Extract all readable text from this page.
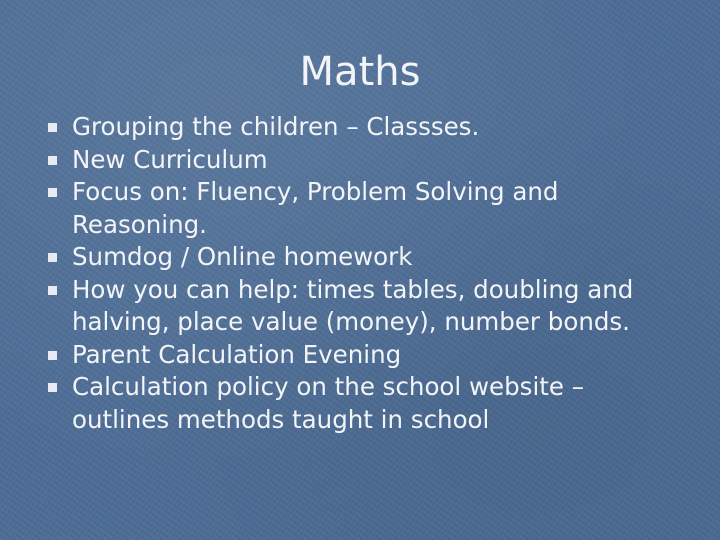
Maths
Grouping the children – Classses.
New Curriculum
Focus on: Fluency, Problem Solving and Reasoning.
Sumdog / Online homework
How you can help: times tables, doubling and halving, place value (money), number bonds.
Parent Calculation Evening
Calculation policy on the school website – outlines methods taught in school
